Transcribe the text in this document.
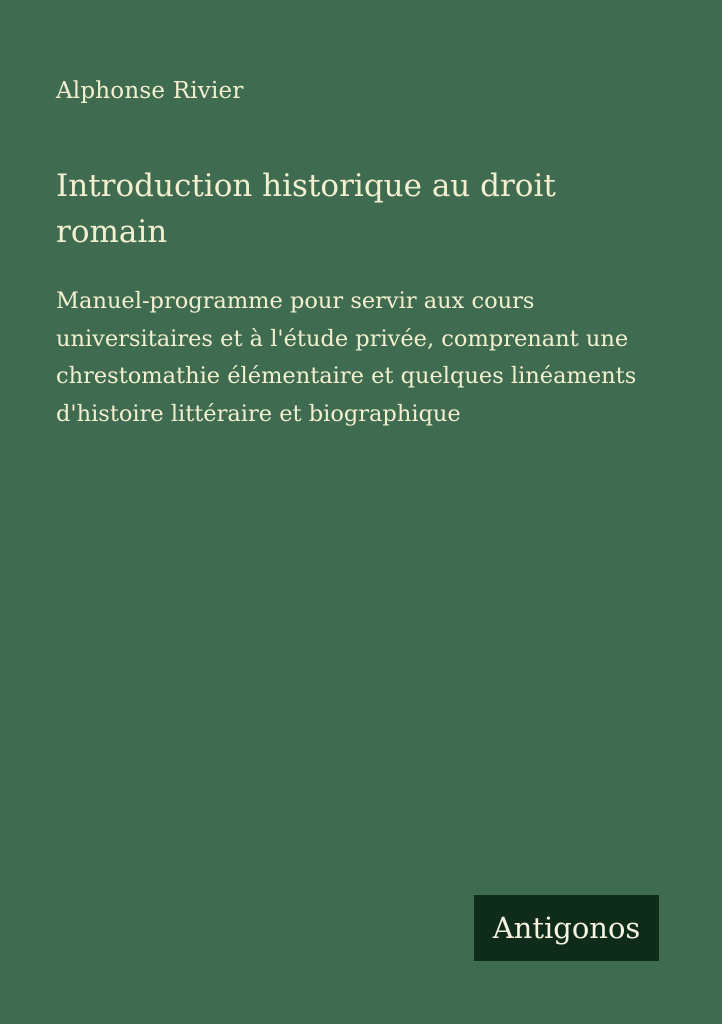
Alphonse Rivier
Introduction historique au droit romain

Manuel-programme pour servir aux cours universitaires et à l'étude privée, comprenant une chrestomathie élémentaire et quelques linéaments d'histoire littéraire et biographique

Antigonos
